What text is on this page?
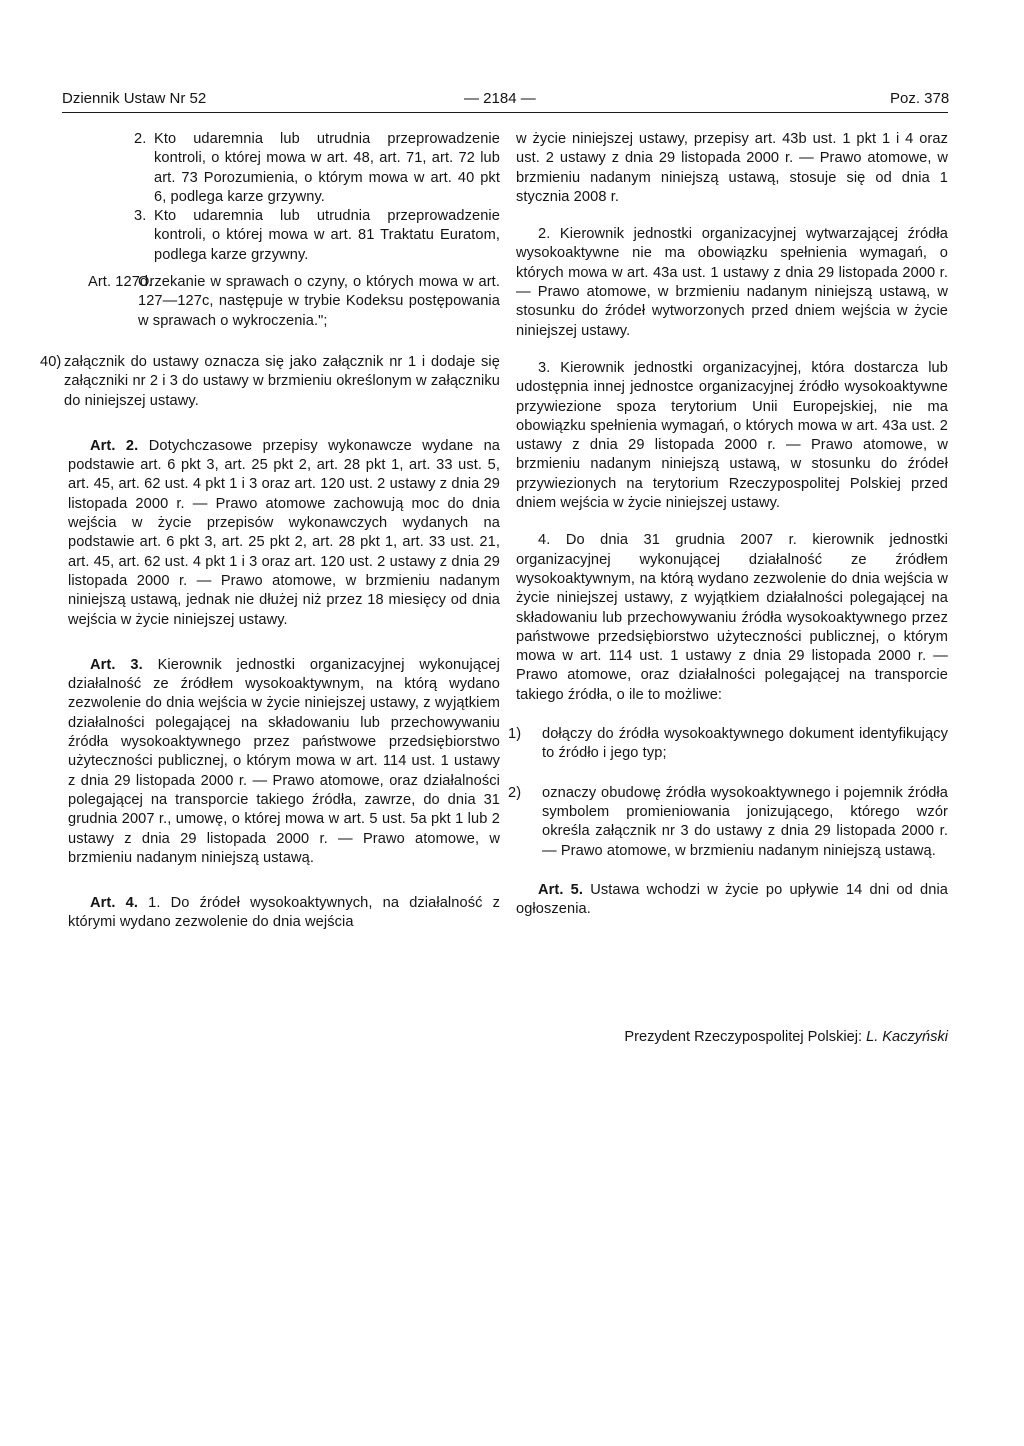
Dziennik Ustaw Nr 52	— 2184 —	Poz. 378

2. Kto udaremnia lub utrudnia przeprowadzenie kontroli, o której mowa w art. 48, art. 71, art. 72 lub art. 73 Porozumienia, o którym mowa w art. 40 pkt 6, podlega karze grzywny.

3. Kto udaremnia lub utrudnia przeprowadzenie kontroli, o której mowa w art. 81 Traktatu Euratom, podlega karze grzywny.

Art. 127d.
Orzekanie w sprawach o czyny, o których mowa w art. 127—127c, następuje w trybie Kodeksu postępowania w sprawach o wykroczenia.";

40) załącznik do ustawy oznacza się jako załącznik nr 1 i dodaje się załączniki nr 2 i 3 do ustawy w brzmieniu określonym w załączniku do niniejszej ustawy.

Art. 2. Dotychczasowe przepisy wykonawcze wydane na podstawie art. 6 pkt 3, art. 25 pkt 2, art. 28 pkt 1, art. 33 ust. 5, art. 45, art. 62 ust. 4 pkt 1 i 3 oraz art. 120 ust. 2 ustawy z dnia 29 listopada 2000 r. — Prawo atomowe zachowują moc do dnia wejścia w życie przepisów wykonawczych wydanych na podstawie art. 6 pkt 3, art. 25 pkt 2, art. 28 pkt 1, art. 33 ust. 21, art. 45, art. 62 ust. 4 pkt 1 i 3 oraz art. 120 ust. 2 ustawy z dnia 29 listopada 2000 r. — Prawo atomowe, w brzmieniu nadanym niniejszą ustawą, jednak nie dłużej niż przez 18 miesięcy od dnia wejścia w życie niniejszej ustawy.

Art. 3. Kierownik jednostki organizacyjnej wykonującej działalność ze źródłem wysokoaktywnym, na którą wydano zezwolenie do dnia wejścia w życie niniejszej ustawy, z wyjątkiem działalności polegającej na składowaniu lub przechowywaniu źródła wysokoaktywnego przez państwowe przedsiębiorstwo użyteczności publicznej, o którym mowa w art. 114 ust. 1 ustawy z dnia 29 listopada 2000 r. — Prawo atomowe, oraz działalności polegającej na transporcie takiego źródła, zawrze, do dnia 31 grudnia 2007 r., umowę, o której mowa w art. 5 ust. 5a pkt 1 lub 2 ustawy z dnia 29 listopada 2000 r. — Prawo atomowe, w brzmieniu nadanym niniejszą ustawą.

Art. 4. 1. Do źródeł wysokoaktywnych, na działalność z którymi wydano zezwolenie do dnia wejścia

w życie niniejszej ustawy, przepisy art. 43b ust. 1 pkt 1 i 4 oraz ust. 2 ustawy z dnia 29 listopada 2000 r. — Prawo atomowe, w brzmieniu nadanym niniejszą ustawą, stosuje się od dnia 1 stycznia 2008 r.

2. Kierownik jednostki organizacyjnej wytwarzającej źródła wysokoaktywne nie ma obowiązku spełnienia wymagań, o których mowa w art. 43a ust. 1 ustawy z dnia 29 listopada 2000 r. — Prawo atomowe, w brzmieniu nadanym niniejszą ustawą, w stosunku do źródeł wytworzonych przed dniem wejścia w życie niniejszej ustawy.

3. Kierownik jednostki organizacyjnej, która dostarcza lub udostępnia innej jednostce organizacyjnej źródło wysokoaktywne przywiezione spoza terytorium Unii Europejskiej, nie ma obowiązku spełnienia wymagań, o których mowa w art. 43a ust. 2 ustawy z dnia 29 listopada 2000 r. — Prawo atomowe, w brzmieniu nadanym niniejszą ustawą, w stosunku do źródeł przywiezionych na terytorium Rzeczypospolitej Polskiej przed dniem wejścia w życie niniejszej ustawy.

4. Do dnia 31 grudnia 2007 r. kierownik jednostki organizacyjnej wykonującej działalność ze źródłem wysokoaktywnym, na którą wydano zezwolenie do dnia wejścia w życie niniejszej ustawy, z wyjątkiem działalności polegającej na składowaniu lub przechowywaniu źródła wysokoaktywnego przez państwowe przedsiębiorstwo użyteczności publicznej, o którym mowa w art. 114 ust. 1 ustawy z dnia 29 listopada 2000 r. — Prawo atomowe, oraz działalności polegającej na transporcie takiego źródła, o ile to możliwe:

1) dołączy do źródła wysokoaktywnego dokument identyfikujący to źródło i jego typ;

2) oznaczy obudowę źródła wysokoaktywnego i pojemnik źródła symbolem promieniowania jonizującego, którego wzór określa załącznik nr 3 do ustawy z dnia 29 listopada 2000 r. — Prawo atomowe, w brzmieniu nadanym niniejszą ustawą.

Art. 5. Ustawa wchodzi w życie po upływie 14 dni od dnia ogłoszenia.

Prezydent Rzeczypospolitej Polskiej: L. Kaczyński
